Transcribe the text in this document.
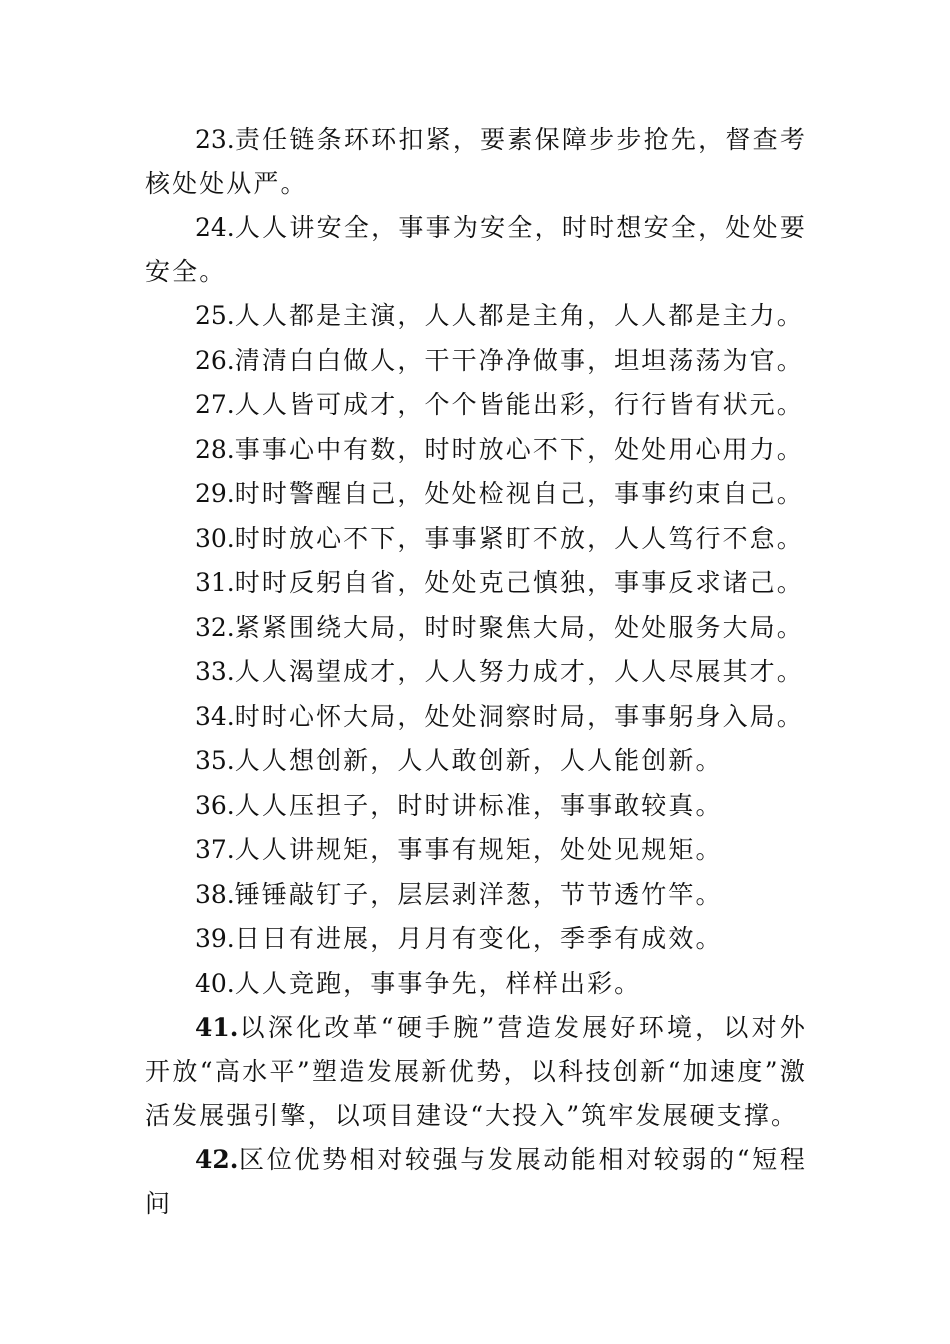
23.责任链条环环扣紧，要素保障步步抢先，督查考核处处从严。

24.人人讲安全，事事为安全，时时想安全，处处要安全。

25.人人都是主演，人人都是主角，人人都是主力。

26.清清白白做人，干干净净做事，坦坦荡荡为官。

27.人人皆可成才，个个皆能出彩，行行皆有状元。

28.事事心中有数，时时放心不下，处处用心用力。

29.时时警醒自己，处处检视自己，事事约束自己。

30.时时放心不下，事事紧盯不放，人人笃行不怠。

31.时时反躬自省，处处克己慎独，事事反求诸己。

32.紧紧围绕大局，时时聚焦大局，处处服务大局。

33.人人渴望成才，人人努力成才，人人尽展其才。

34.时时心怀大局，处处洞察时局，事事躬身入局。

35.人人想创新，人人敢创新，人人能创新。

36.人人压担子，时时讲标准，事事敢较真。

37.人人讲规矩，事事有规矩，处处见规矩。

38.锤锤敲钉子，层层剥洋葱，节节透竹竿。

39.日日有进展，月月有变化，季季有成效。

40.人人竞跑，事事争先，样样出彩。

41.以深化改革“硬手腕”营造发展好环境，以对外开放“高水平”塑造发展新优势，以科技创新“加速度”激活发展强引擎，以项目建设“大投入”筑牢发展硬支撑。

42.区位优势相对较强与发展动能相对较弱的“短程问
